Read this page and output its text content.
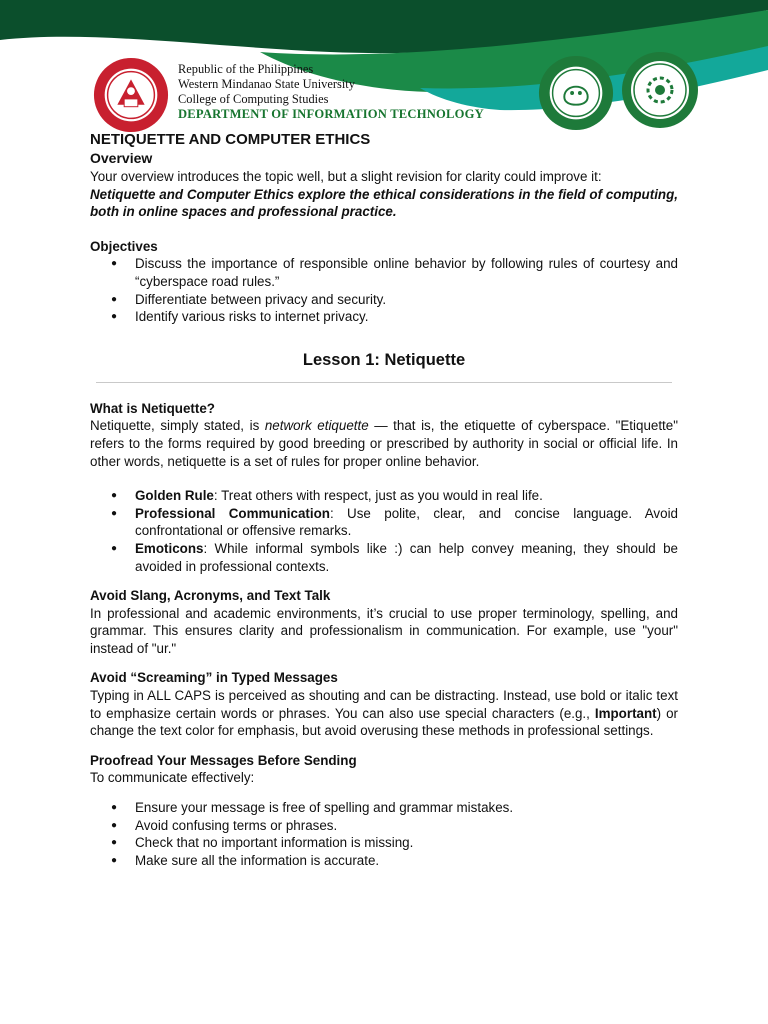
Republic of the Philippines
Western Mindanao State University
College of Computing Studies
DEPARTMENT OF INFORMATION TECHNOLOGY
NETIQUETTE AND COMPUTER ETHICS
Overview

Your overview introduces the topic well, but a slight revision for clarity could improve it:

Netiquette and Computer Ethics explore the ethical considerations in the field of computing, both in online spaces and professional practice.

Objectives
● Discuss the importance of responsible online behavior by following rules of courtesy and “cyberspace road rules.”
● Differentiate between privacy and security.
● Identify various risks to internet privacy.
Lesson 1: Netiquette
What is Netiquette?

Netiquette, simply stated, is network etiquette — that is, the etiquette of cyberspace. "Etiquette" refers to the forms required by good breeding or prescribed by authority in social or official life. In other words, netiquette is a set of rules for proper online behavior.

● Golden Rule: Treat others with respect, just as you would in real life.
● Professional Communication: Use polite, clear, and concise language. Avoid confrontational or offensive remarks.
● Emoticons: While informal symbols like :) can help convey meaning, they should be avoided in professional contexts.
Avoid Slang, Acronyms, and Text Talk

In professional and academic environments, it’s crucial to use proper terminology, spelling, and grammar. This ensures clarity and professionalism in communication. For example, use "your" instead of "ur."

Avoid “Screaming” in Typed Messages

Typing in ALL CAPS is perceived as shouting and can be distracting. Instead, use bold or italic text to emphasize certain words or phrases. You can also use special characters (e.g., Important) or change the text color for emphasis, but avoid overusing these methods in professional settings.

Proofread Your Messages Before Sending

To communicate effectively:

● Ensure your message is free of spelling and grammar mistakes.
● Avoid confusing terms or phrases.
● Check that no important information is missing.
● Make sure all the information is accurate.
